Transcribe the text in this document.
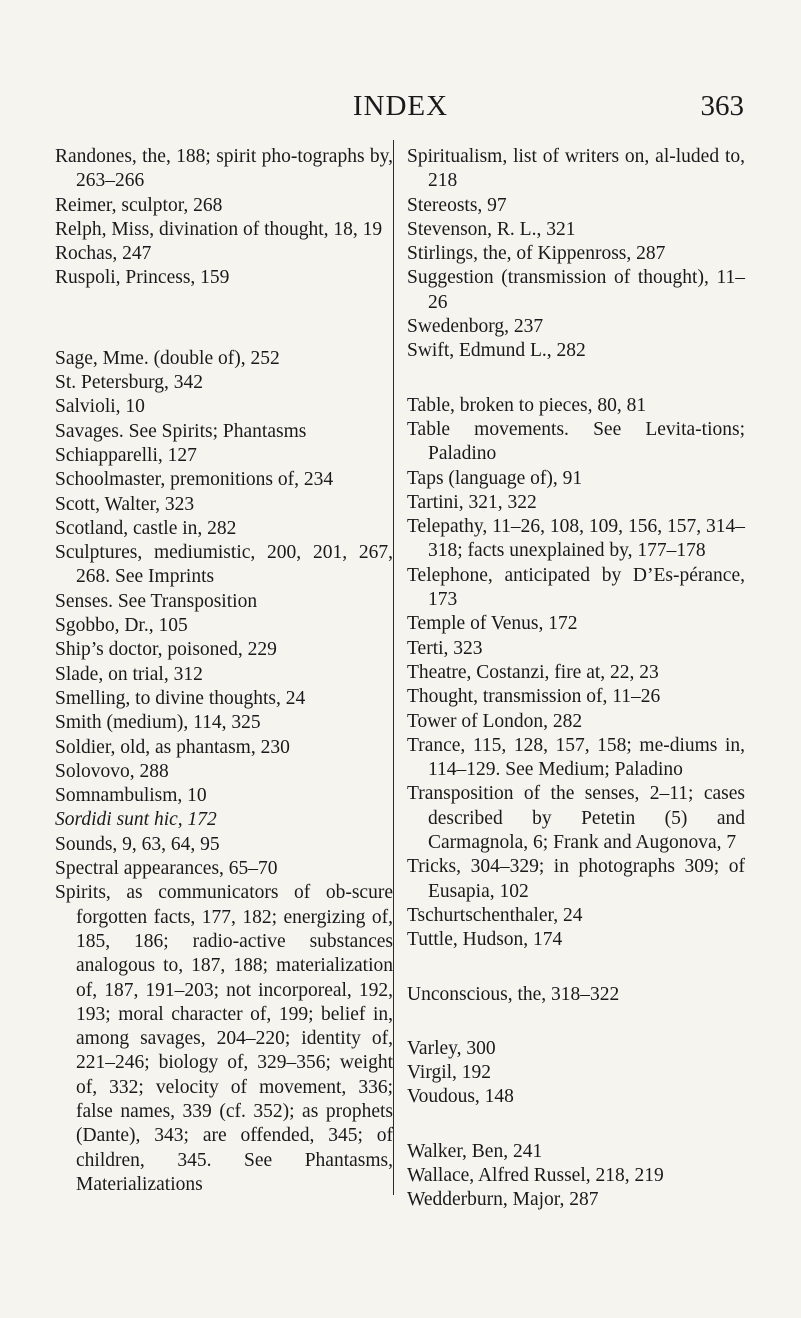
INDEX	363
Randones, the, 188; spirit pho-tographs by, 263–266
Reimer, sculptor, 268
Relph, Miss, divination of thought, 18, 19
Rochas, 247
Ruspoli, Princess, 159
Sage, Mme. (double of), 252
St. Petersburg, 342
Salvioli, 10
Savages. See Spirits; Phantasms
Schiapparelli, 127
Schoolmaster, premonitions of, 234
Scott, Walter, 323
Scotland, castle in, 282
Sculptures, mediumistic, 200, 201, 267, 268. See Imprints
Senses. See Transposition
Sgobbo, Dr., 105
Ship’s doctor, poisoned, 229
Slade, on trial, 312
Smelling, to divine thoughts, 24
Smith (medium), 114, 325
Soldier, old, as phantasm, 230
Solovovo, 288
Somnambulism, 10
Sordidi sunt hic, 172
Sounds, 9, 63, 64, 95
Spectral appearances, 65–70
Spirits, as communicators of ob-scure forgotten facts, 177, 182; energizing of, 185, 186; radio-active substances analogous to, 187, 188; materialization of, 187, 191–203; not incorporeal, 192, 193; moral character of, 199; belief in, among savages, 204–220; identity of, 221–246; biology of, 329–356; weight of, 332; velocity of movement, 336; false names, 339 (cf. 352); as prophets (Dante), 343; are offended, 345; of children, 345. See Phantasms, Materializations
Spiritualism, list of writers on, al-luded to, 218
Stereosts, 97
Stevenson, R. L., 321
Stirlings, the, of Kippenross, 287
Suggestion (transmission of thought), 11–26
Swedenborg, 237
Swift, Edmund L., 282
Table, broken to pieces, 80, 81
Table movements. See Levita-tions; Paladino
Taps (language of), 91
Tartini, 321, 322
Telepathy, 11–26, 108, 109, 156, 157, 314–318; facts unexplained by, 177–178
Telephone, anticipated by D’Es-pérance, 173
Temple of Venus, 172
Terti, 323
Theatre, Costanzi, fire at, 22, 23
Thought, transmission of, 11–26
Tower of London, 282
Trance, 115, 128, 157, 158; me-diums in, 114–129. See Medium; Paladino
Transposition of the senses, 2–11; cases described by Petetin (5) and Carmagnola, 6; Frank and Augonova, 7
Tricks, 304–329; in photographs 309; of Eusapia, 102
Tschurtschenthaler, 24
Tuttle, Hudson, 174
Unconscious, the, 318–322
Varley, 300
Virgil, 192
Voudous, 148
Walker, Ben, 241
Wallace, Alfred Russel, 218, 219
Wedderburn, Major, 287
